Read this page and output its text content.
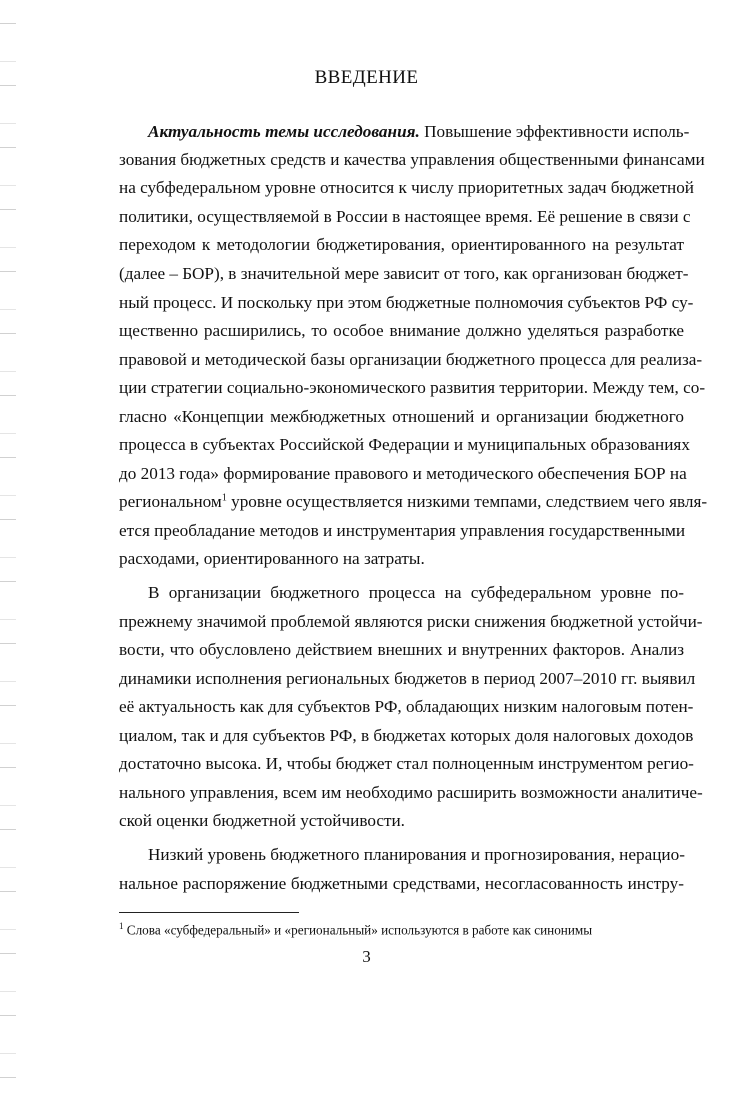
ВВЕДЕНИЕ
Актуальность темы исследования. Повышение эффективности исполь-
зования бюджетных средств и качества управления общественными финансами
на субфедеральном уровне относится к числу приоритетных задач бюджетной
политики, осуществляемой в России в настоящее время. Её решение в связи с
переходом к методологии бюджетирования, ориентированного на результат
(далее – БОР), в значительной мере зависит от того, как организован бюджет-
ный процесс. И поскольку при этом бюджетные полномочия субъектов РФ су-
щественно расширились, то особое внимание должно уделяться разработке
правовой и методической базы организации бюджетного процесса для реализа-
ции стратегии социально-экономического развития территории. Между тем, со-
гласно «Концепции межбюджетных отношений и организации бюджетного
процесса в субъектах Российской Федерации и муниципальных образованиях
до 2013 года» формирование правового и методического обеспечения БОР на
региональном$^1$ уровне осуществляется низкими темпами, следствием чего явля-
ется преобладание методов и инструментария управления государственными
расходами, ориентированного на затраты.
В организации бюджетного процесса на субфедеральном уровне по-
прежнему значимой проблемой являются риски снижения бюджетной устойчи-
вости, что обусловлено действием внешних и внутренних факторов. Анализ
динамики исполнения региональных бюджетов в период 2007–2010 гг. выявил
её актуальность как для субъектов РФ, обладающих низким налоговым потен-
циалом, так и для субъектов РФ, в бюджетах которых доля налоговых доходов
достаточно высока. И, чтобы бюджет стал полноценным инструментом регио-
нального управления, всем им необходимо расширить возможности аналитиче-
ской оценки бюджетной устойчивости.
Низкий уровень бюджетного планирования и прогнозирования, нерацио-
нальное распоряжение бюджетными средствами, несогласованность инстру-
$^1$ Слова «субфедеральный» и «региональный» используются в работе как синонимы
3
